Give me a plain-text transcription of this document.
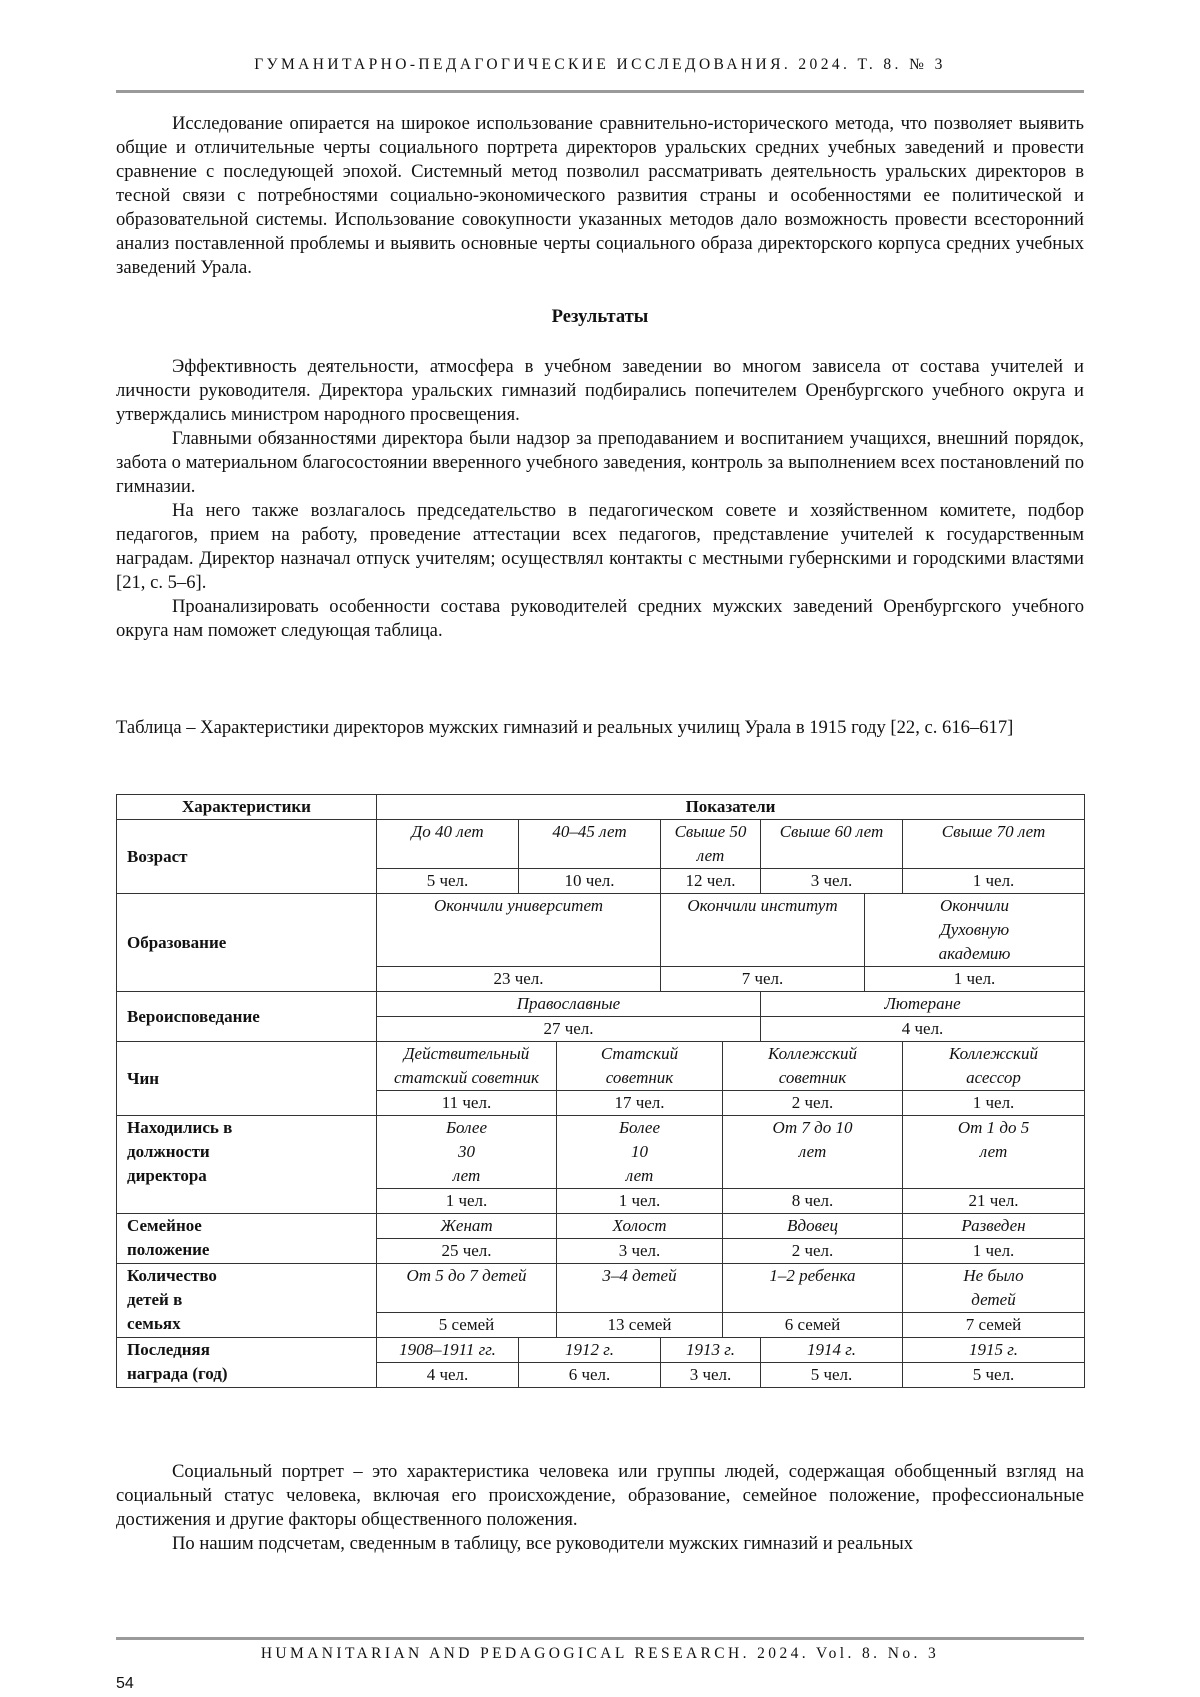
ГУМАНИТАРНО-ПЕДАГОГИЧЕСКИЕ ИССЛЕДОВАНИЯ. 2024. Т. 8. № 3

Исследование опирается на широкое использование сравнительно-исторического метода, что позволяет выявить общие и отличительные черты социального портрета директоров уральских средних учебных заведений и провести сравнение с последующей эпохой. Системный метод позволил рассматривать деятельность уральских директоров в тесной связи с потребностями социально-экономического развития страны и особенностями ее политической и образовательной системы. Использование совокупности указанных методов дало возможность провести всесторонний анализ поставленной проблемы и выявить основные черты социального образа директорского корпуса средних учебных заведений Урала.

Результаты

Эффективность деятельности, атмосфера в учебном заведении во многом зависела от состава учителей и личности руководителя. Директора уральских гимназий подбирались попечителем Оренбургского учебного округа и утверждались министром народного просвещения.

Главными обязанностями директора были надзор за преподаванием и воспитанием учащихся, внешний порядок, забота о материальном благосостоянии вверенного учебного заведения, контроль за выполнением всех постановлений по гимназии.

На него также возлагалось председательство в педагогическом совете и хозяйственном комитете, подбор педагогов, прием на работу, проведение аттестации всех педагогов, представление учителей к государственным наградам. Директор назначал отпуск учителям; осуществлял контакты с местными губернскими и городскими властями [21, с. 5–6].

Проанализировать особенности состава руководителей средних мужских заведений Оренбургского учебного округа нам поможет следующая таблица.

Таблица – Характеристики директоров мужских гимназий и реальных училищ Урала в 1915 году [22, с. 616–617]
Характеристики	Показатели							
Возраст	До 40 лет	40–45 лет		Свыше 50 лет		Свыше 60 лет		Свыше 70 лет
	5 чел.	10 чел.		12 чел.		3 чел.		1 чел.
Образование	Окончили университет			Окончили институт			Окончили Духовную академию	
	23 чел.			7 чел.			1 чел.	
Вероисповедание	Православные					Лютеране		
	27 чел.					4 чел.		
Чин	Действительный статский советник		Статский советник		Коллежский советник			Коллежский асессор
	11 чел.		17 чел.		2 чел.			1 чел.

Находились в должности директора	Более 30 лет		Более 10 лет		От 7 до 10 лет			От 1 до 5 лет
	1 чел.		1 чел.		8 чел.			21 чел.

Семейное положение	Женат		Холост		Вдовец			Разведен
	25 чел.		3 чел.		2 чел.			1 чел.

Количество детей в семьях	От 5 до 7 детей		3–4 детей		1–2 ребенка			Не было детей
	5 семей		13 семей		6 семей			7 семей

Последняя награда (год)	1908–1911 гг.	1912 г.		1913 г.		1914 г.		1915 г.
	4 чел.	6 чел.		3 чел.		5 чел.		5 чел.

Социальный портрет – это характеристика человека или группы людей, содержащая обобщенный взгляд на социальный статус человека, включая его происхождение, образование, семейное положение, профессиональные достижения и другие факторы общественного положения.

По нашим подсчетам, сведенным в таблицу, все руководители мужских гимназий и реальных

HUMANITARIAN AND PEDAGOGICAL RESEARCH. 2024. Vol. 8. No. 3
54
